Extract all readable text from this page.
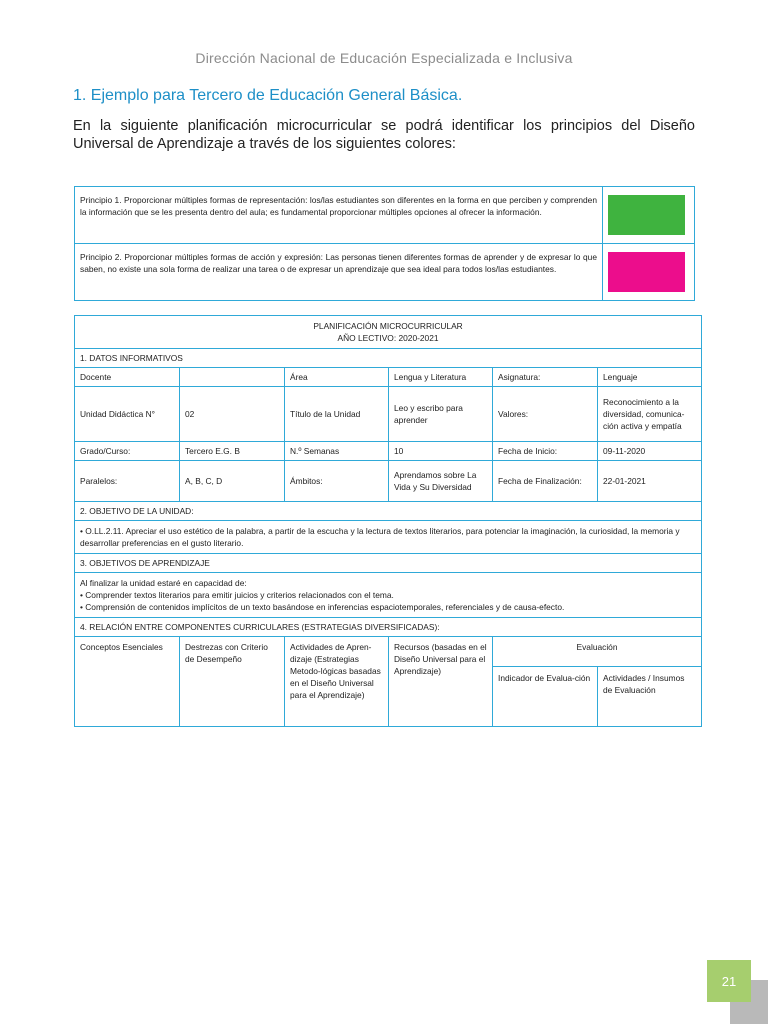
Dirección Nacional de Educación Especializada e Inclusiva
1. Ejemplo para Tercero de Educación General Básica.
En la siguiente planificación microcurricular se podrá identificar los principios del Diseño Universal de Aprendizaje a través de los siguientes colores:
Principio 1. Proporcionar múltiples formas de representación: los/las estudiantes son diferentes en la forma en que perciben y comprenden la información que se les presenta dentro del aula; es fundamental proporcionar múltiples opciones al ofrecer la información.	

Principio 2. Proporcionar múltiples formas de acción y expresión: Las personas tienen diferentes formas de aprender y de expresar lo que saben, no existe una sola forma de realizar una tarea o de expresar un aprendizaje que sea ideal para todos los/las estudiantes.	
PLANIFICACIÓN MICROCURRICULAR
AÑO LECTIVO: 2020-2021					

1. DATOS INFORMATIVOS					
Docente		Área	Lengua y Literatura	Asignatura:	Lenguaje
Unidad Didáctica N°	02	Título de la Unidad	Leo y escribo para aprender	Valores:	Reconocimiento a la diversidad, comunica-ción activa y empatía
Grado/Curso:	Tercero E.G. B	N.º Semanas	10	Fecha de Inicio:	09-11-2020
Paralelos:	A, B, C, D	Ámbitos:	Aprendamos sobre La Vida y Su Diversidad	Fecha de Finalización:	22-01-2021
2. OBJETIVO DE LA UNIDAD:					
• O.LL.2.11. Apreciar el uso estético de la palabra, a partir de la escucha y la lectura de textos literarios, para potenciar la imaginación, la curiosidad, la memoria y desarrollar preferencias en el gusto literario.					
3. OBJETIVOS DE APRENDIZAJE					

Al finalizar la unidad estaré en capacidad de:
• Comprender textos literarios para emitir juicios y criterios relacionados con el tema.
• Comprensión de contenidos implícitos de un texto basándose en inferencias espaciotemporales, referenciales y de causa-efecto.					

4. RELACIÓN ENTRE COMPONENTES CURRICULARES (ESTRATEGIAS DIVERSIFICADAS):					
Conceptos Esenciales	Destrezas con Criterio de Desempeño	Actividades de Apren-dizaje (Estrategias Metodo-lógicas basadas en el Diseño Universal para el Aprendizaje)	Recursos (basadas en el Diseño Universal para el Aprendizaje)	Evaluación	
				Indicador de Evalua-ción	Actividades / Insumos de Evaluación
21
